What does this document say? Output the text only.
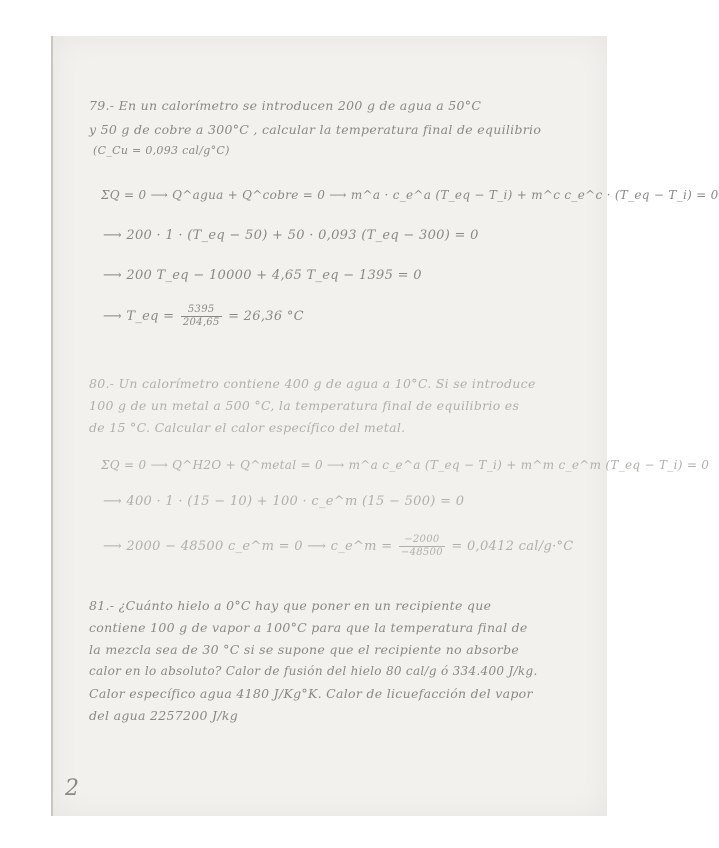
79.- En un calorímetro se introducen 200 g de agua a 50°C
y 50 g de cobre a 300°C , calcular la temperatura final de equilibrio
(C_Cu = 0,093 cal/g°C)
ΣQ = 0 ⟶ Q^agua + Q^cobre = 0 ⟶ m^a · c_e^a (T_eq − T_i) + m^c c_e^c · (T_eq − T_i) = 0
⟶ 200 · 1 · (T_eq − 50) + 50 · 0,093 (T_eq − 300) = 0
⟶ 200 T_eq − 10000 + 4,65 T_eq − 1395 = 0
⟶ T_eq = $\frac{5395}{204,65} = 26,36$ °C
80.- Un calorímetro contiene 400 g de agua a 10°C. Si se introduce
100 g de un metal a 500 °C, la temperatura final de equilibrio es
de 15 °C. Calcular el calor específico del metal.
ΣQ = 0 ⟶ Q^H2O + Q^metal = 0 ⟶ m^a c_e^a (T_eq − T_i) + m^m c_e^m (T_eq − T_i) = 0
⟶ 400 · 1 · (15 − 10) + 100 · c_e^m (15 − 500) = 0
⟶ 2000 − 48500 c_e^m = 0 ⟶ c_e^m = $\frac{-2000}{-48500} = 0,0412$ cal/g·°C
81.- ¿Cuánto hielo a 0°C hay que poner en un recipiente que
contiene 100 g de vapor a 100°C para que la temperatura final de
la mezcla sea de 30 °C si se supone que el recipiente no absorbe
calor en lo absoluto? Calor de fusión del hielo 80 cal/g ó 334.400 J/kg.
Calor específico agua 4180 J/Kg°K. Calor de licuefacción del vapor
del agua 2257200 J/kg
2
